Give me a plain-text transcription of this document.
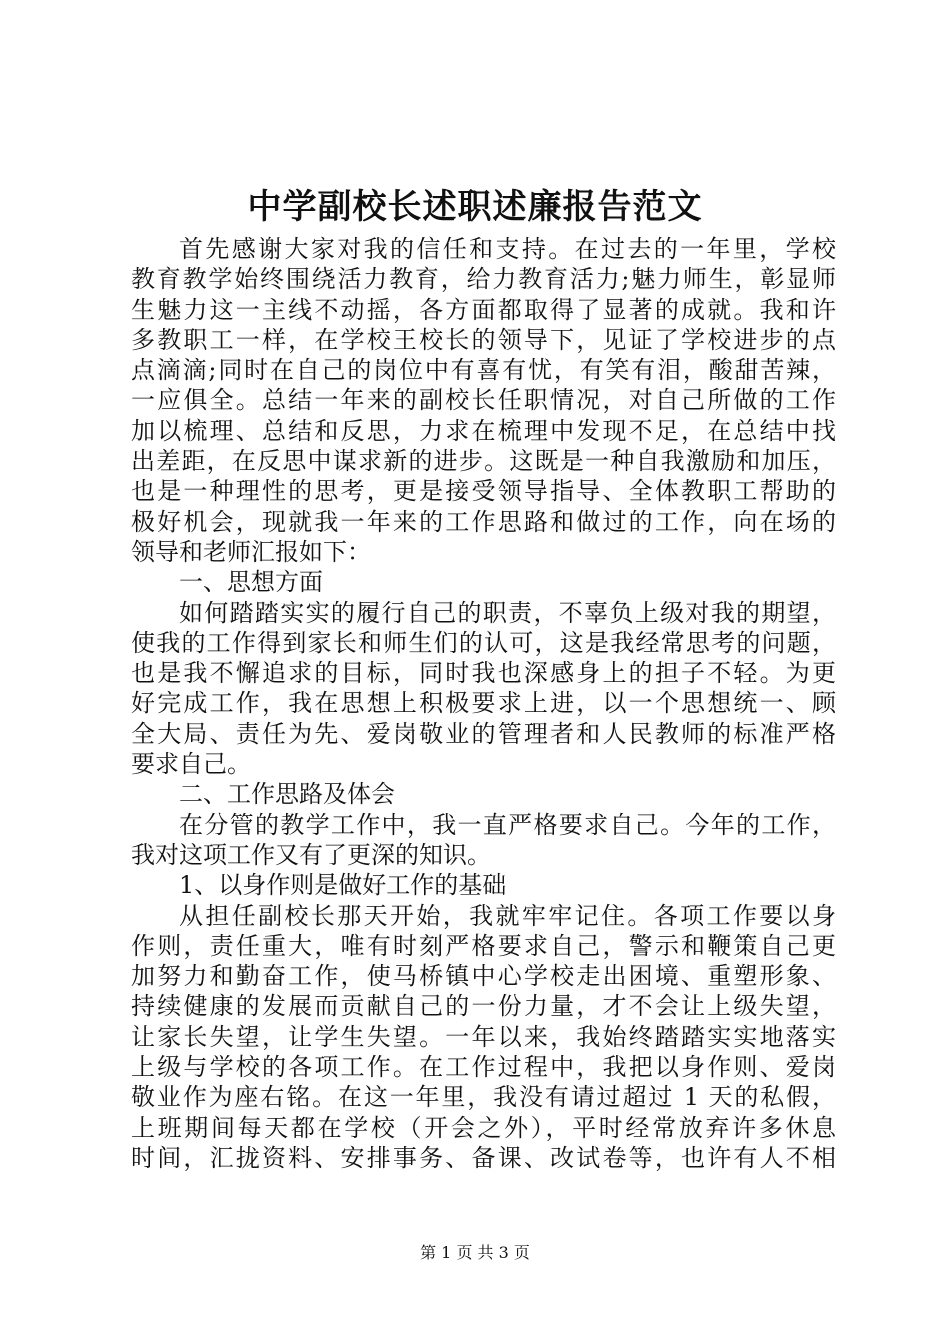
中学副校长述职述廉报告范文
首先感谢大家对我的信任和支持。在过去的一年里，学校
教育教学始终围绕活力教育，给力教育活力;魅力师生，彰显师
生魅力这一主线不动摇，各方面都取得了显著的成就。我和许
多教职工一样，在学校王校长的领导下，见证了学校进步的点
点滴滴;同时在自己的岗位中有喜有忧，有笑有泪，酸甜苦辣，
一应俱全。总结一年来的副校长任职情况，对自己所做的工作
加以梳理、总结和反思，力求在梳理中发现不足，在总结中找
出差距，在反思中谋求新的进步。这既是一种自我激励和加压，
也是一种理性的思考，更是接受领导指导、全体教职工帮助的
极好机会，现就我一年来的工作思路和做过的工作，向在场的
领导和老师汇报如下：
一、思想方面
如何踏踏实实的履行自己的职责，不辜负上级对我的期望，
使我的工作得到家长和师生们的认可，这是我经常思考的问题，
也是我不懈追求的目标，同时我也深感身上的担子不轻。为更
好完成工作，我在思想上积极要求上进，以一个思想统一、顾
全大局、责任为先、爱岗敬业的管理者和人民教师的标准严格
要求自己。
二、工作思路及体会
在分管的教学工作中，我一直严格要求自己。今年的工作，
我对这项工作又有了更深的知识。
1、以身作则是做好工作的基础
从担任副校长那天开始，我就牢牢记住。各项工作要以身
作则，责任重大，唯有时刻严格要求自己，警示和鞭策自己更
加努力和勤奋工作，使马桥镇中心学校走出困境、重塑形象、
持续健康的发展而贡献自己的一份力量，才不会让上级失望，
让家长失望，让学生失望。一年以来，我始终踏踏实实地落实
上级与学校的各项工作。在工作过程中，我把以身作则、爱岗
敬业作为座右铭。在这一年里，我没有请过超过 1 天的私假，
上班期间每天都在学校（开会之外），平时经常放弃许多休息
时间，汇拢资料、安排事务、备课、改试卷等，也许有人不相
第 1 页 共 3 页
